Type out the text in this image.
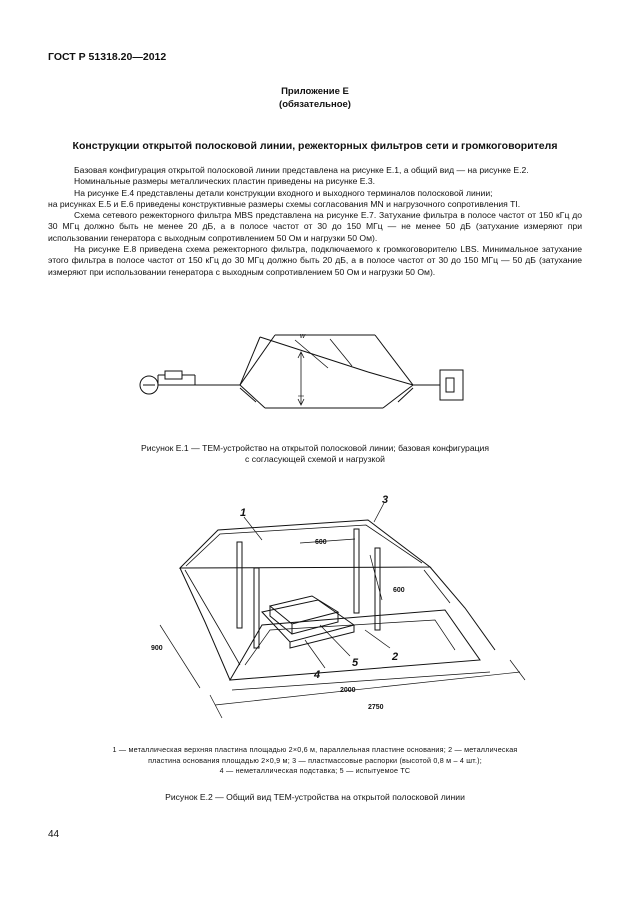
ГОСТ Р 51318.20—2012
Приложение Е
(обязательное)
Конструкции открытой полосковой линии, режекторных фильтров сети и громкоговорителя

Базовая конфигурация открытой полосковой линии представлена на рисунке Е.1, а общий вид — на рисунке Е.2.

Номинальные размеры металлических пластин приведены на рисунке Е.3.

На рисунке Е.4 представлены детали конструкции входного и выходного терминалов полосковой линии;

на рисунках Е.5 и Е.6 приведены конструктивные размеры схемы согласования MN и нагрузочного сопротивления TI.

Схема сетевого режекторного фильтра MBS представлена на рисунке Е.7. Затухание фильтра в полосе частот от 150 кГц до 30 МГц должно быть не менее 20 дБ, а в полосе частот от 30 до 150 МГц — не менее 50 дБ (затухание измеряют при использовании генератора с выходным сопротивлением 50 Ом и нагрузки 50 Ом).

На рисунке Е.8 приведена схема режекторного фильтра, подключаемого к громкоговорителю LBS. Минимальное затухание этого фильтра в полосе частот от 150 кГц до 30 МГц должно быть 20 дБ, а в полосе частот от 30 до 150 МГц — 50 дБ (затухание измеряют при использовании генератора с выходным сопротивлением 50 Ом и нагрузки 50 Ом).

w
Рисунок Е.1 — ТЕМ-устройство на открытой полосковой линии; базовая конфигурация
с согласующей схемой и нагрузкой
1
2
3
4
5
600
600
900
2000
2750
1 — металлическая верхняя пластина площадью 2×0,6 м, параллельная пластине основания; 2 — металлическая
пластина основания площадью 2×0,9 м; 3 — пластмассовые распорки (высотой 0,8 м – 4 шт.);
4 — неметаллическая подставка; 5 — испытуемое ТС
Рисунок Е.2 — Общий вид ТЕМ-устройства на открытой полосковой линии
44
